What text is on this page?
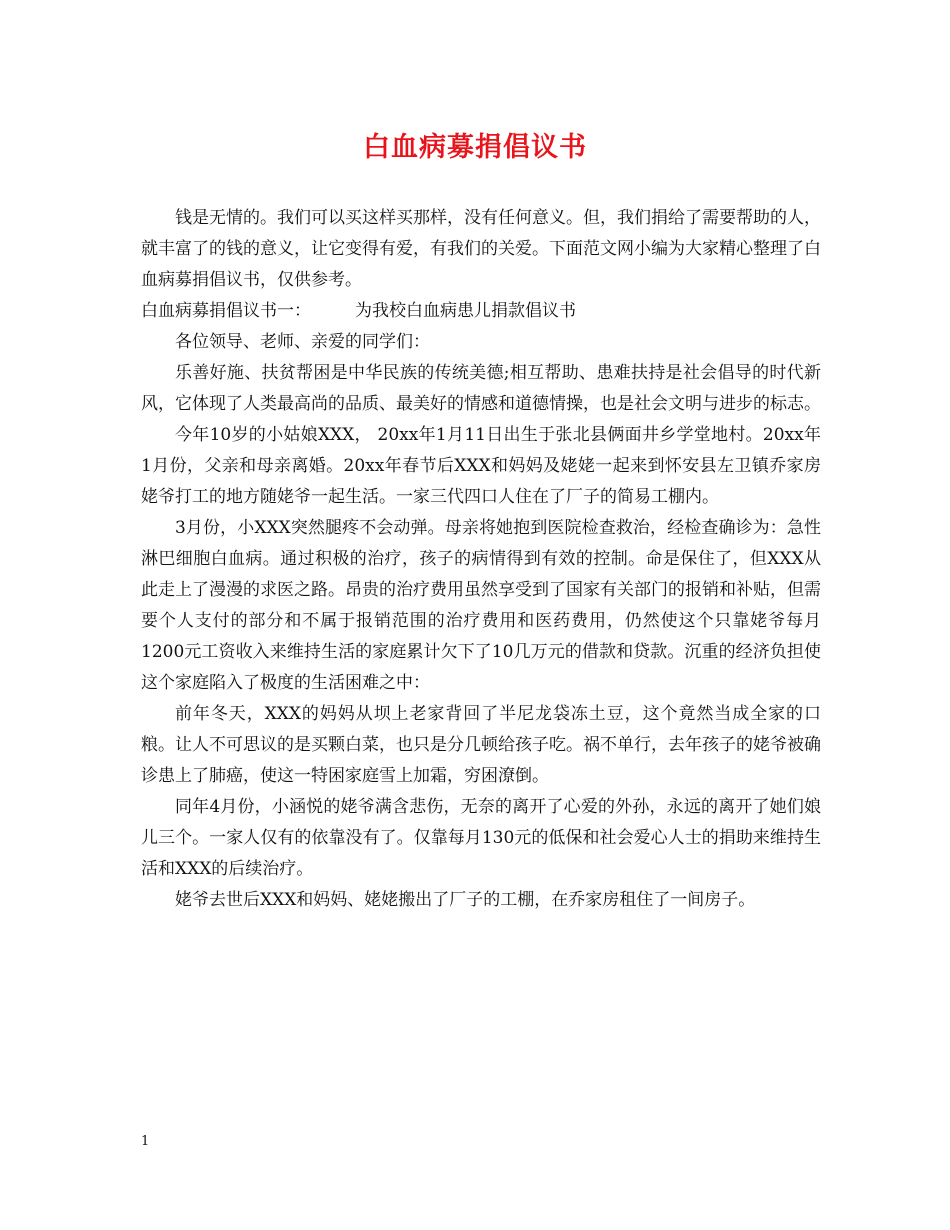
白血病募捐倡议书

钱是无情的。我们可以买这样买那样，没有任何意义。但，我们捐给了需要帮助的人，就丰富了的钱的意义，让它变得有爱，有我们的关爱。下面范文网小编为大家精心整理了白血病募捐倡议书，仅供参考。

白血病募捐倡议书一：	为我校白血病患儿捐款倡议书

各位领导、老师、亲爱的同学们：

乐善好施、扶贫帮困是中华民族的传统美德;相互帮助、患难扶持是社会倡导的时代新风，它体现了人类最高尚的品质、最美好的情感和道德情操，也是社会文明与进步的标志。

今年10岁的小姑娘XXX， 20xx年1月11日出生于张北县俩面井乡学堂地村。20xx年1月份，父亲和母亲离婚。20xx年春节后XXX和妈妈及姥姥一起来到怀安县左卫镇乔家房姥爷打工的地方随姥爷一起生活。一家三代四口人住在了厂子的简易工棚内。

3月份，小XXX突然腿疼不会动弹。母亲将她抱到医院检查救治，经检查确诊为：急性淋巴细胞白血病。通过积极的治疗，孩子的病情得到有效的控制。命是保住了，但XXX从此走上了漫漫的求医之路。昂贵的治疗费用虽然享受到了国家有关部门的报销和补贴，但需要个人支付的部分和不属于报销范围的治疗费用和医药费用，仍然使这个只靠姥爷每月1200元工资收入来维持生活的家庭累计欠下了10几万元的借款和贷款。沉重的经济负担使这个家庭陷入了极度的生活困难之中：

前年冬天，XXX的妈妈从坝上老家背回了半尼龙袋冻土豆，这个竟然当成全家的口粮。让人不可思议的是买颗白菜，也只是分几顿给孩子吃。祸不单行，去年孩子的姥爷被确诊患上了肺癌，使这一特困家庭雪上加霜，穷困潦倒。

同年4月份，小涵悦的姥爷满含悲伤，无奈的离开了心爱的外孙，永远的离开了她们娘儿三个。一家人仅有的依靠没有了。仅靠每月130元的低保和社会爱心人士的捐助来维持生活和XXX的后续治疗。

姥爷去世后XXX和妈妈、姥姥搬出了厂子的工棚，在乔家房租住了一间房子。

1
